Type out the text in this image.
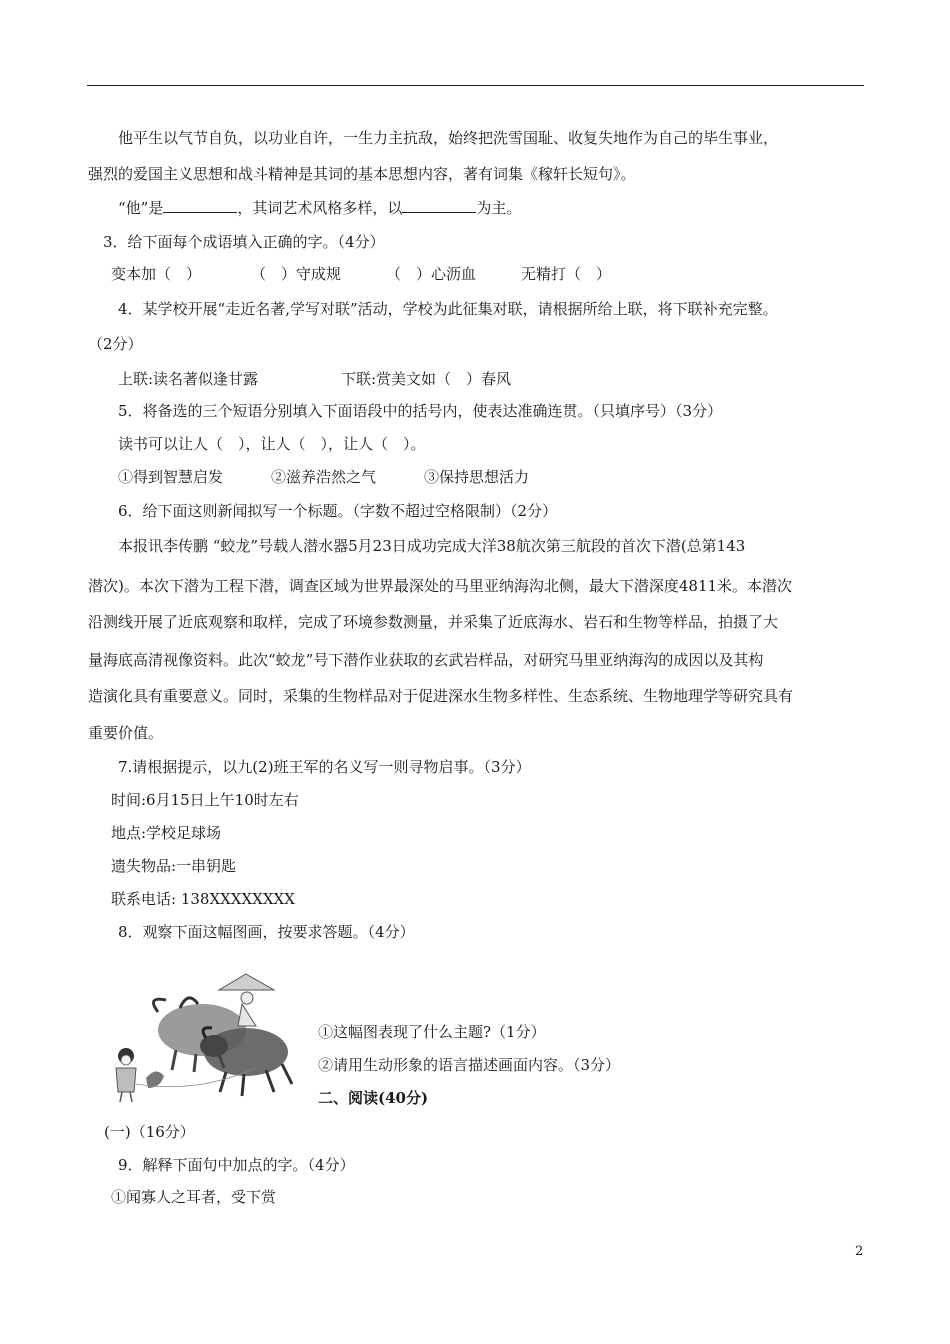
他平生以气节自负，以功业自许，一生力主抗敌，始终把洗雪国耻、收复失地作为自己的毕生事业，
强烈的爱国主义思想和战斗精神是其词的基本思想内容，著有词集《稼轩长短句》。
“他”是	，其词艺术风格多样，以	为主。
3．给下面每个成语填入正确的字。（4分）
变本加（　）	（　）守成规	（　）心沥血	无精打（　）
4．某学校开展“走近名著,学写对联”活动，学校为此征集对联，请根据所给上联，将下联补充完整。
（2分）
上联:读名著似逢甘露	下联:赏美文如（　）春风
5．将备选的三个短语分别填入下面语段中的括号内，使表达准确连贯。（只填序号）（3分）
读书可以让人（　），让人（　），让人（　）。
①得到智慧启发	②滋养浩然之气	③保持思想活力
6．给下面这则新闻拟写一个标题。（字数不超过空格限制）（2分）
本报讯李传鹏 “蛟龙”号载人潜水器5月23日成功完成大洋38航次第三航段的首次下潜(总第143
潜次)。本次下潜为工程下潜，调查区域为世界最深处的马里亚纳海沟北侧，最大下潜深度4811米。本潜次
沿测线开展了近底观察和取样，完成了环境参数测量，并采集了近底海水、岩石和生物等样品，拍摄了大
量海底高清视像资料。此次“蛟龙”号下潜作业获取的玄武岩样品，对研究马里亚纳海沟的成因以及其构
造演化具有重要意义。同时，采集的生物样品对于促进深水生物多样性、生态系统、生物地理学等研究具有
重要价值。
7.请根据提示，以九(2)班王军的名义写一则寻物启事。（3分）
时间:6月15日上午10时左右
地点:学校足球场
遗失物品:一串钥匙
联系电话: 138XXXXXXXX
8．观察下面这幅图画，按要求答题。（4分）
①这幅图表现了什么主题?（1分）
②请用生动形象的语言描述画面内容。（3分）
二、阅读(40分)
(一)（16分）
9．解释下面句中加点的字。（4分）
①闻寡人之耳者，受下赏
2
